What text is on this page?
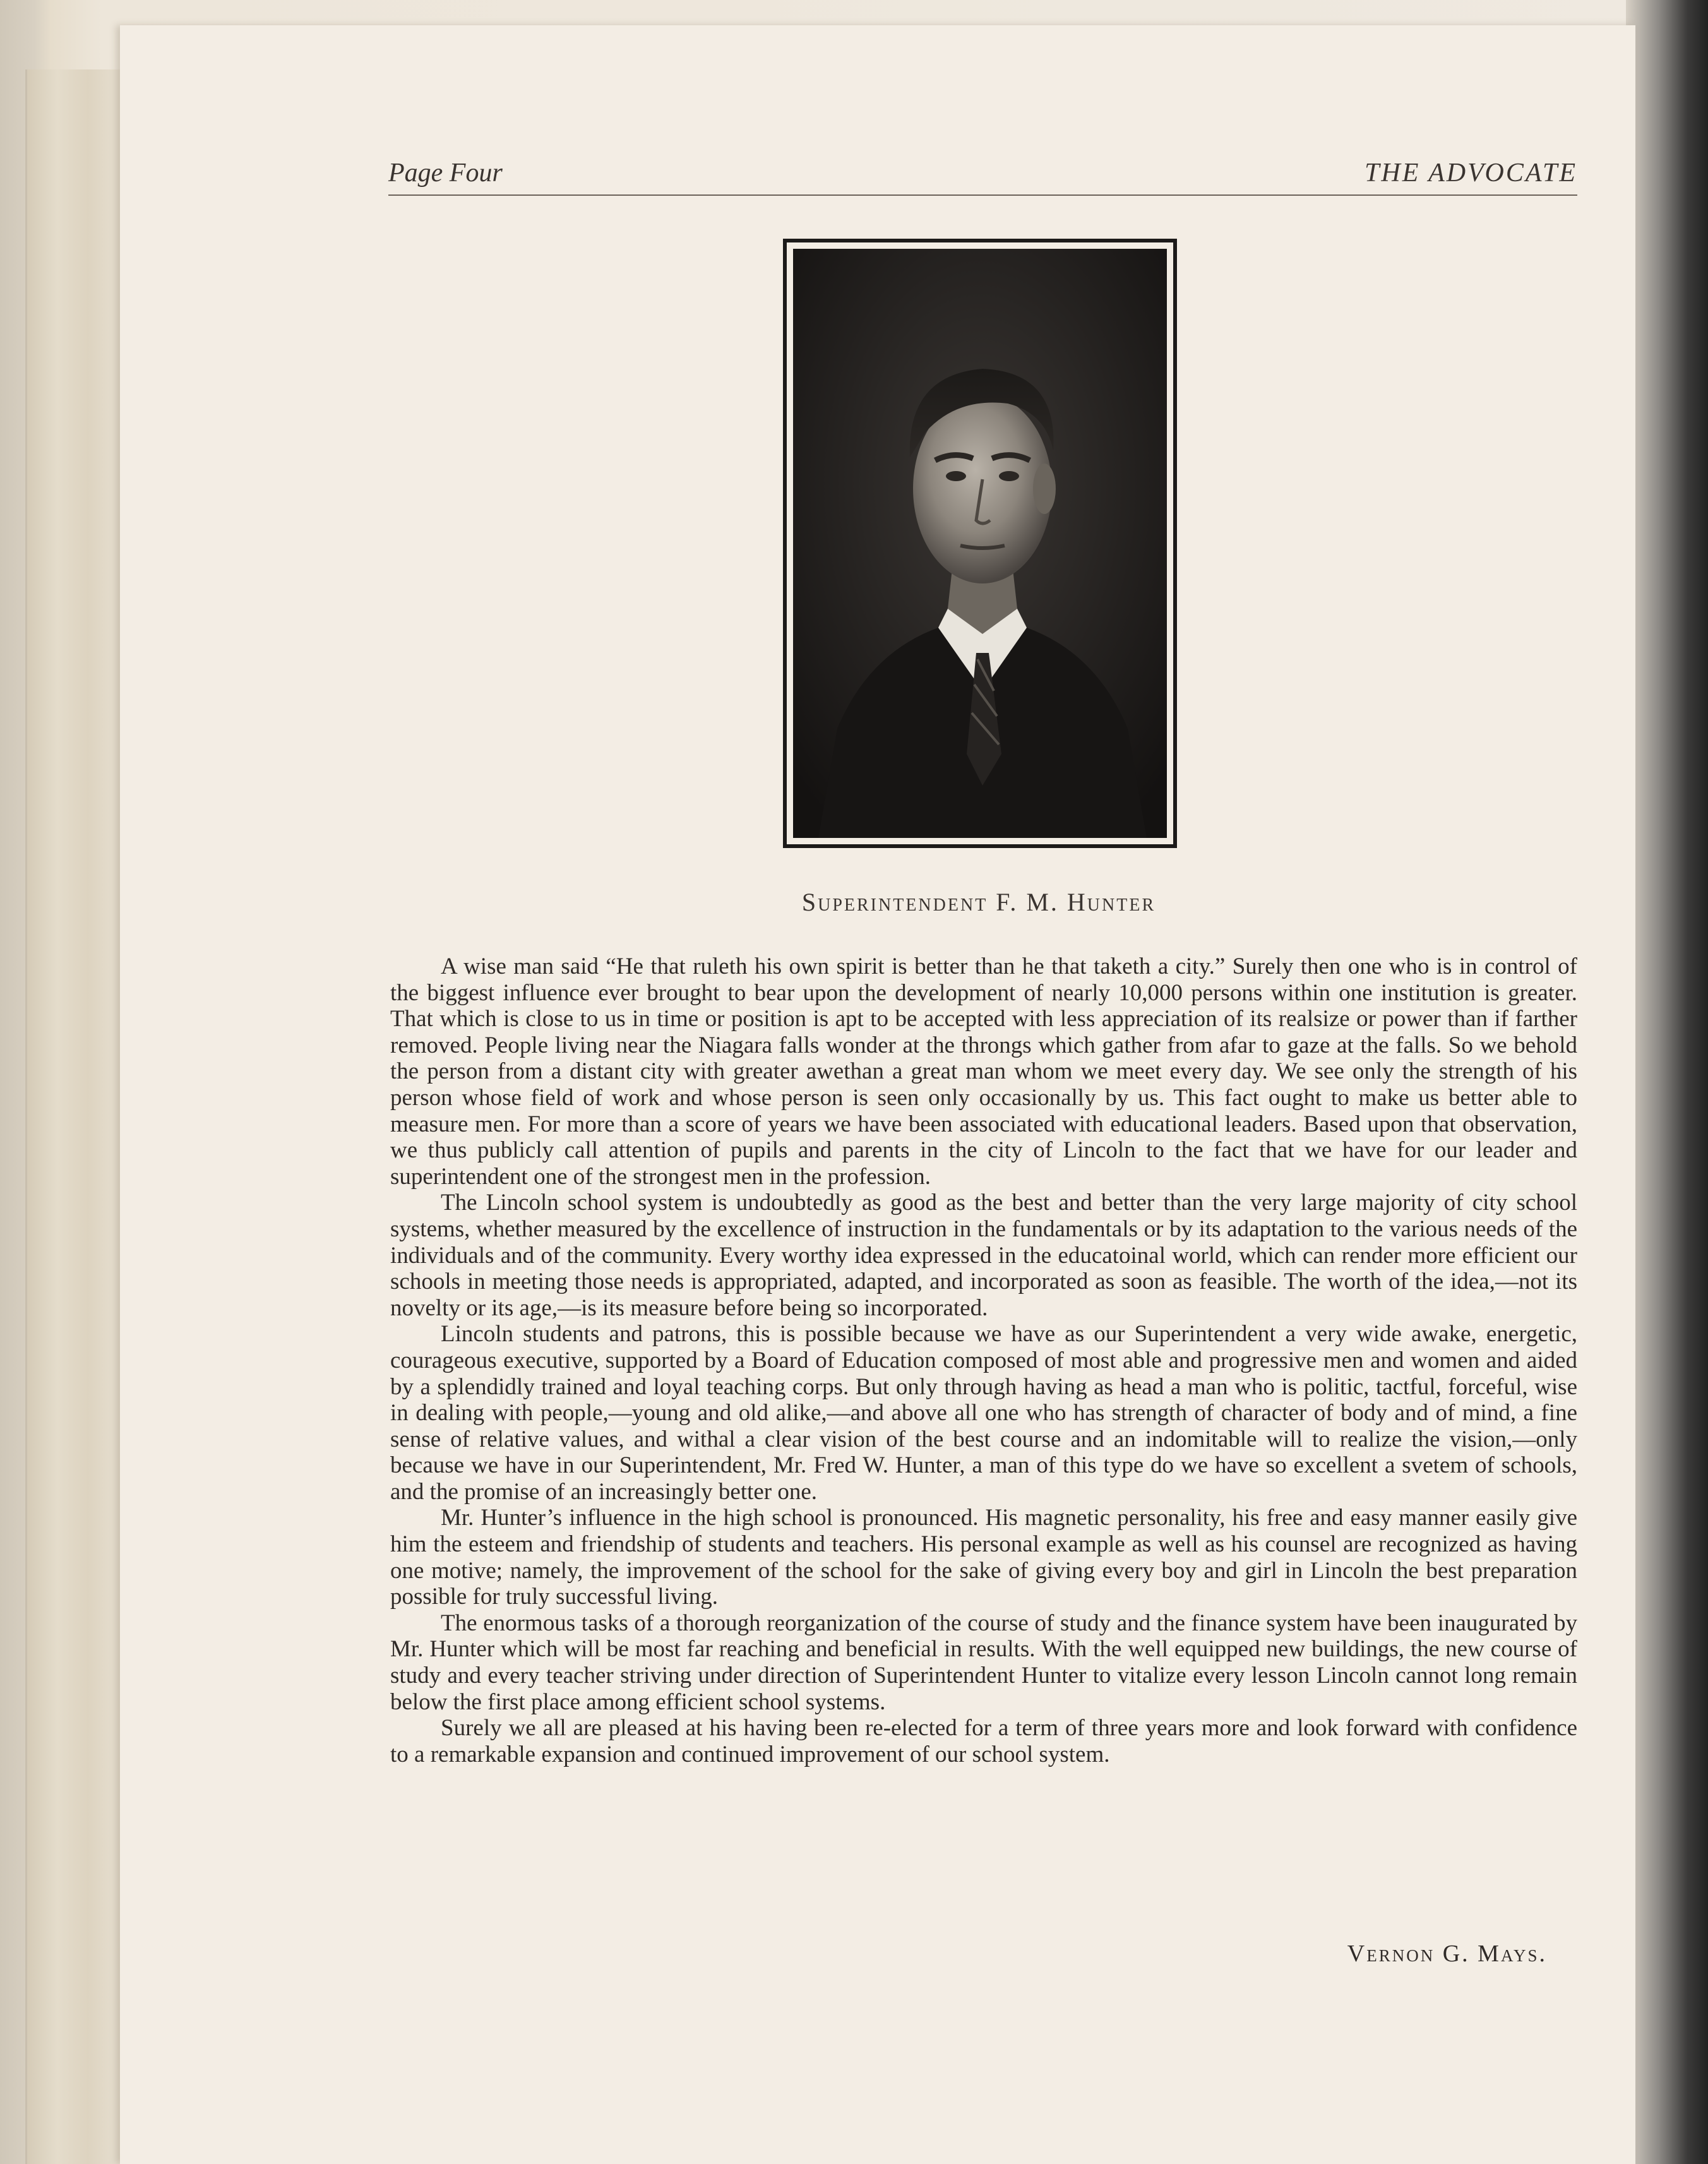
Page Four	THE ADVOCATE
Superintendent F. M. Hunter

A wise man said “He that ruleth his own spirit is better than he that taketh a city.” Surely then one who is in control of the biggest influence ever brought to bear upon the development of nearly 10,000 persons within one institution is greater. That which is close to us in time or position is apt to be accepted with less appreciation of its realsize or power than if farther removed. People living near the Niagara falls wonder at the throngs which gather from afar to gaze at the falls. So we behold the person from a distant city with greater awethan a great man whom we meet every day. We see only the strength of his person whose field of work and whose person is seen only occasionally by us. This fact ought to make us better able to measure men. For more than a score of years we have been associated with educational leaders. Based upon that observation, we thus publicly call attention of pupils and parents in the city of Lincoln to the fact that we have for our leader and superintendent one of the strongest men in the profession.

The Lincoln school system is undoubtedly as good as the best and better than the very large majority of city school systems, whether measured by the excellence of instruction in the fundamentals or by its adaptation to the various needs of the individuals and of the community. Every worthy idea expressed in the educatoinal world, which can render more efficient our schools in meeting those needs is appropriated, adapted, and incorporated as soon as feasible. The worth of the idea,—not its novelty or its age,—is its measure before being so incorporated.

Lincoln students and patrons, this is possible because we have as our Superintendent a very wide awake, energetic, courageous executive, supported by a Board of Education composed of most able and progressive men and women and aided by a splendidly trained and loyal teaching corps. But only through having as head a man who is politic, tactful, forceful, wise in dealing with people,—young and old alike,—and above all one who has strength of character of body and of mind, a fine sense of relative values, and withal a clear vision of the best course and an indomitable will to realize the vision,—only because we have in our Superintendent, Mr. Fred W. Hunter, a man of this type do we have so excellent a svetem of schools, and the promise of an increasingly better one.

Mr. Hunter’s influence in the high school is pronounced. His magnetic personality, his free and easy manner easily give him the esteem and friendship of students and teachers. His personal example as well as his counsel are recognized as having one motive; namely, the improvement of the school for the sake of giving every boy and girl in Lincoln the best preparation possible for truly successful living.

The enormous tasks of a thorough reorganization of the course of study and the finance system have been inaugurated by Mr. Hunter which will be most far reaching and beneficial in results. With the well equipped new buildings, the new course of study and every teacher striving under direction of Superintendent Hunter to vitalize every lesson Lincoln cannot long remain below the first place among efficient school systems.

Surely we all are pleased at his having been re-elected for a term of three years more and look forward with confidence to a remarkable expansion and continued improvement of our school system.

Vernon G. Mays.
